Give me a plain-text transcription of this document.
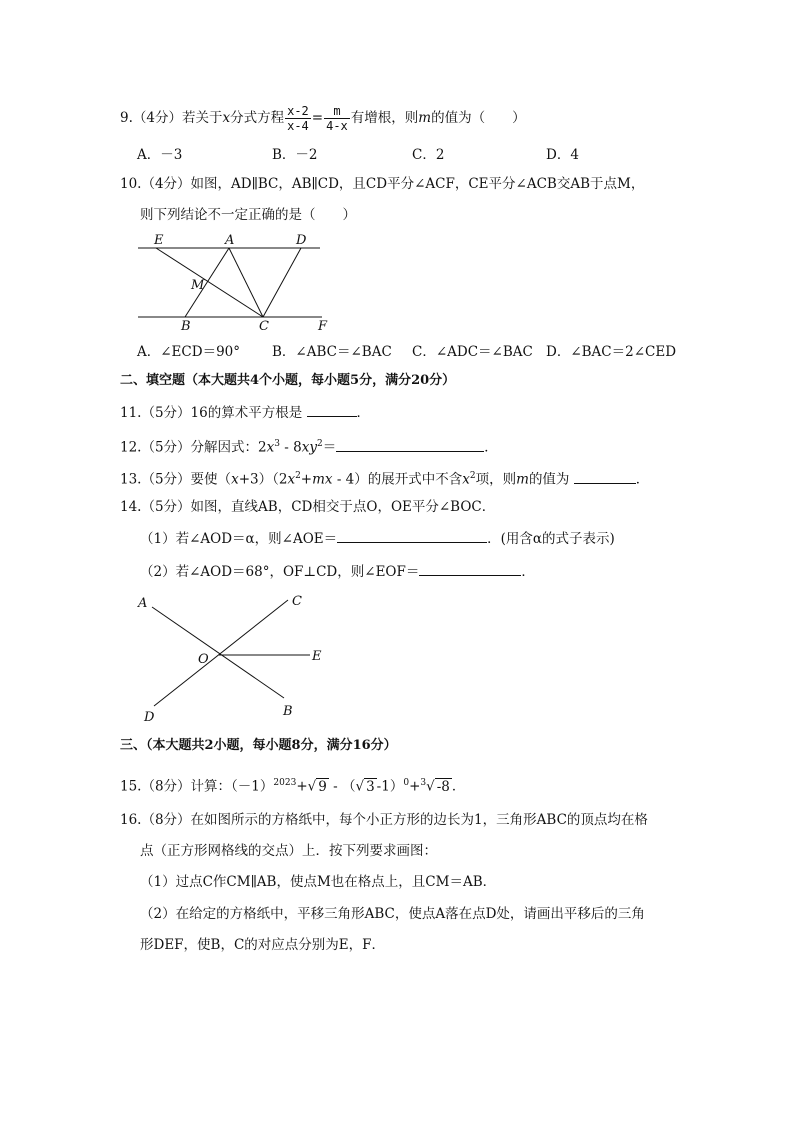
9.（4分）若关于x分式方程 $\frac{x-2}{x-4} = \frac{m}{4-x}$ 有增根，则m的值为（　　）
A．－3	B．－2	C．2	D．4
10.（4分）如图，AD∥BC，AB∥CD，且CD平分∠ACF，CE平分∠ACB交AB于点M，
则下列结论不一定正确的是（　　）
E	A	D
M
B	C	F
A．∠ECD＝90° B．∠ABC＝∠BAC C．∠ADC＝∠BAC D．∠BAC＝2∠CED
二、填空题（本大题共4个小题，每小题5分，满分20分）
11.（5分）16的算术平方根是	．
12.（5分）分解因式：$2x^3 - 8xy^2=$	．
13.（5分）要使$(x+3)(2x^2+mx - 4)$的展开式中不含$x^2$项，则m的值为	．
14.（5分）如图，直线AB，CD相交于点O，OE平分∠BOC．
（1）若∠AOD＝α，则∠AOE＝	．(用含α的式子表示)
（2）若∠AOD＝68°，OF⊥CD，则∠EOF＝	．
A	C
O	E
D	B
三、（本大题共2小题，每小题8分，满分16分）
15.（8分）计算：$(-1)^{2023}+√$ 9 - （√ 3 -1）$^0$+$^3$√ -8 ．
16.（8分）在如图所示的方格纸中，每个小正方形的边长为1，三角形ABC的顶点均在格
点（正方形网格线的交点）上．按下列要求画图：
（1）过点C作CM∥AB，使点M也在格点上，且CM＝AB．
（2）在给定的方格纸中，平移三角形ABC，使点A落在点D处，请画出平移后的三角
形DEF，使B，C的对应点分别为E，F．
